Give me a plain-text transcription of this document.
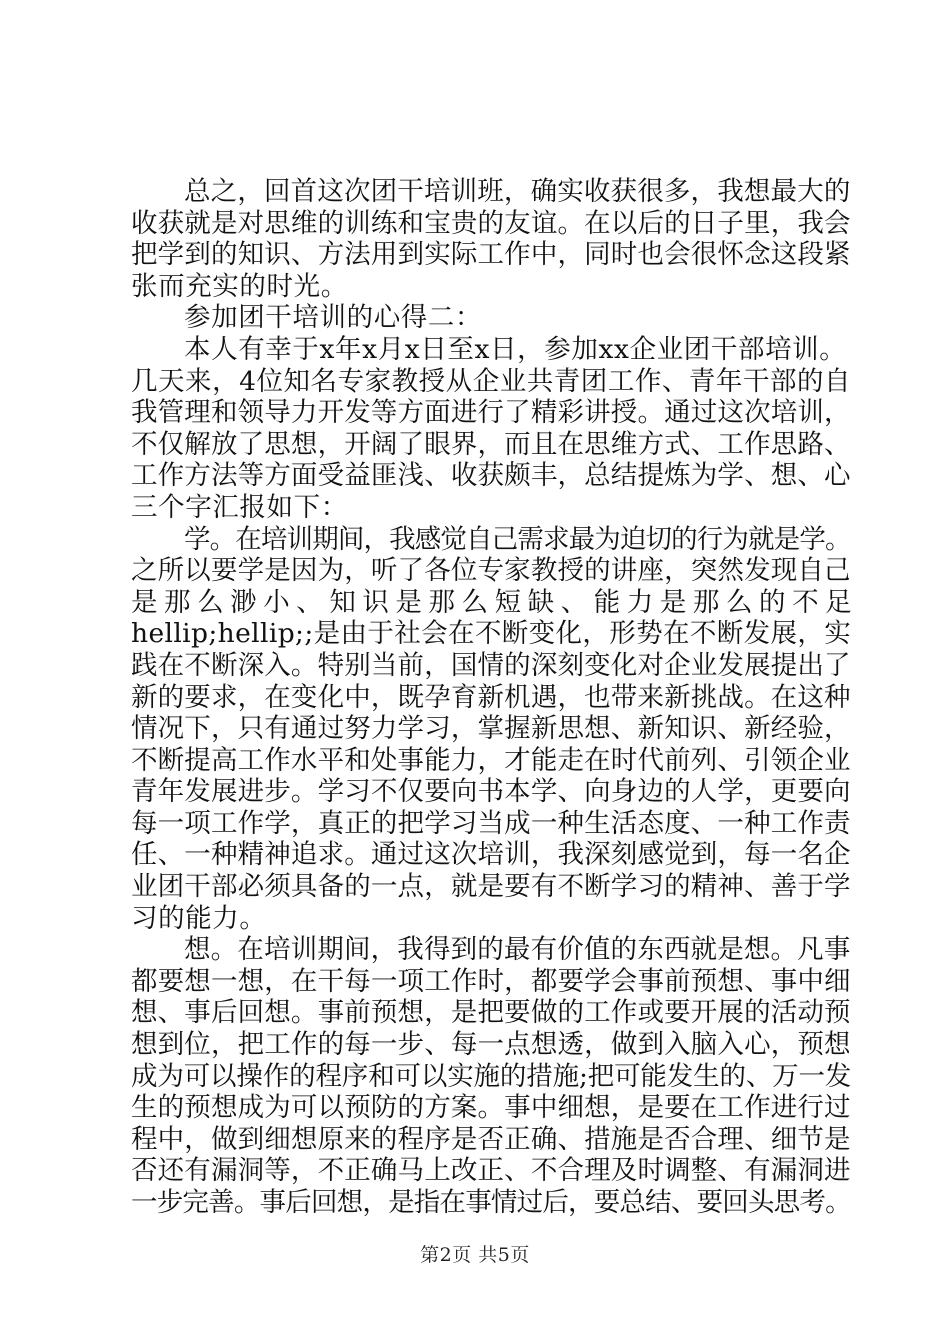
总之，回首这次团干培训班，确实收获很多，我想最大的
收获就是对思维的训练和宝贵的友谊。在以后的日子里，我会
把学到的知识、方法用到实际工作中，同时也会很怀念这段紧
张而充实的时光。
参加团干培训的心得二：
本人有幸于x年x月x日至x日，参加xx企业团干部培训。
几天来，4位知名专家教授从企业共青团工作、青年干部的自
我管理和领导力开发等方面进行了精彩讲授。通过这次培训，
不仅解放了思想，开阔了眼界，而且在思维方式、工作思路、
工作方法等方面受益匪浅、收获颇丰，总结提炼为学、想、心
三个字汇报如下：
学。在培训期间，我感觉自己需求最为迫切的行为就是学。
之所以要学是因为，听了各位专家教授的讲座，突然发现自己
是 那 么 渺 小 、 知 识 是 那 么 短 缺 、 能 力 是 那 么 的 不 足
hellip;hellip;;是由于社会在不断变化，形势在不断发展，实
践在不断深入。特别当前，国情的深刻变化对企业发展提出了
新的要求，在变化中，既孕育新机遇，也带来新挑战。在这种
情况下，只有通过努力学习，掌握新思想、新知识、新经验，
不断提高工作水平和处事能力，才能走在时代前列、引领企业
青年发展进步。学习不仅要向书本学、向身边的人学，更要向
每一项工作学，真正的把学习当成一种生活态度、一种工作责
任、一种精神追求。通过这次培训，我深刻感觉到，每一名企
业团干部必须具备的一点，就是要有不断学习的精神、善于学
习的能力。
想。在培训期间，我得到的最有价值的东西就是想。凡事
都要想一想，在干每一项工作时，都要学会事前预想、事中细
想、事后回想。事前预想，是把要做的工作或要开展的活动预
想到位，把工作的每一步、每一点想透，做到入脑入心，预想
成为可以操作的程序和可以实施的措施;把可能发生的、万一发
生的预想成为可以预防的方案。事中细想，是要在工作进行过
程中，做到细想原来的程序是否正确、措施是否合理、细节是
否还有漏洞等，不正确马上改正、不合理及时调整、有漏洞进
一步完善。事后回想，是指在事情过后，要总结、要回头思考。
第2页 共5页
